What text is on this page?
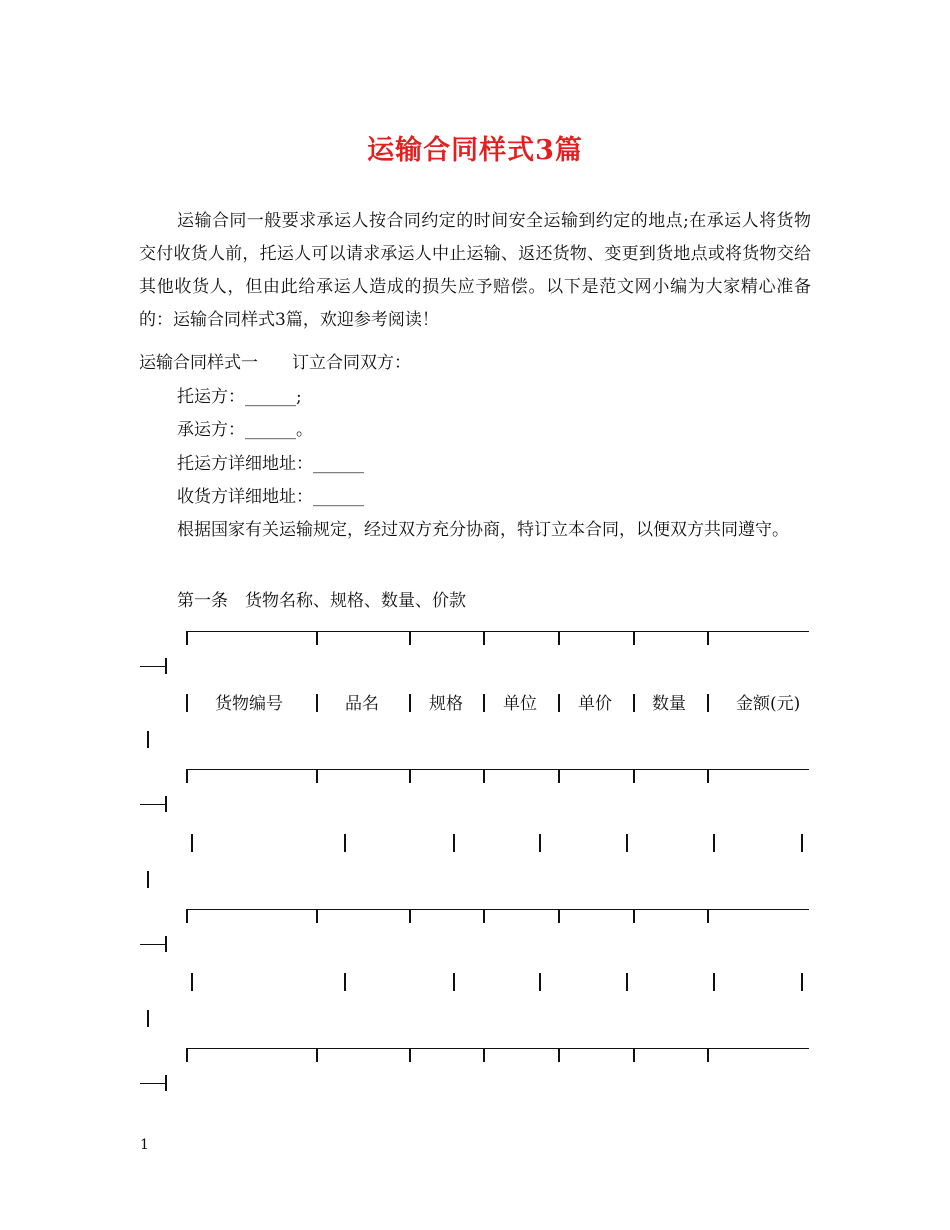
运输合同样式3篇

运输合同一般要求承运人按合同约定的时间安全运输到约定的地点;在承运人将货物交付收货人前，托运人可以请求承运人中止运输、返还货物、变更到货地点或将货物交给其他收货人，但由此给承运人造成的损失应予赔偿。以下是范文网小编为大家精心准备的：运输合同样式3篇，欢迎参考阅读！

运输合同样式一　　订立合同双方：

托运方：______;

承运方：______。

托运方详细地址：______

收货方详细地址：______

根据国家有关运输规定，经过双方充分协商，特订立本合同，以便双方共同遵守。

第一条　货物名称、规格、数量、价款

货物编号	品名	规格 单位 单价 数量	金额(元)
1
